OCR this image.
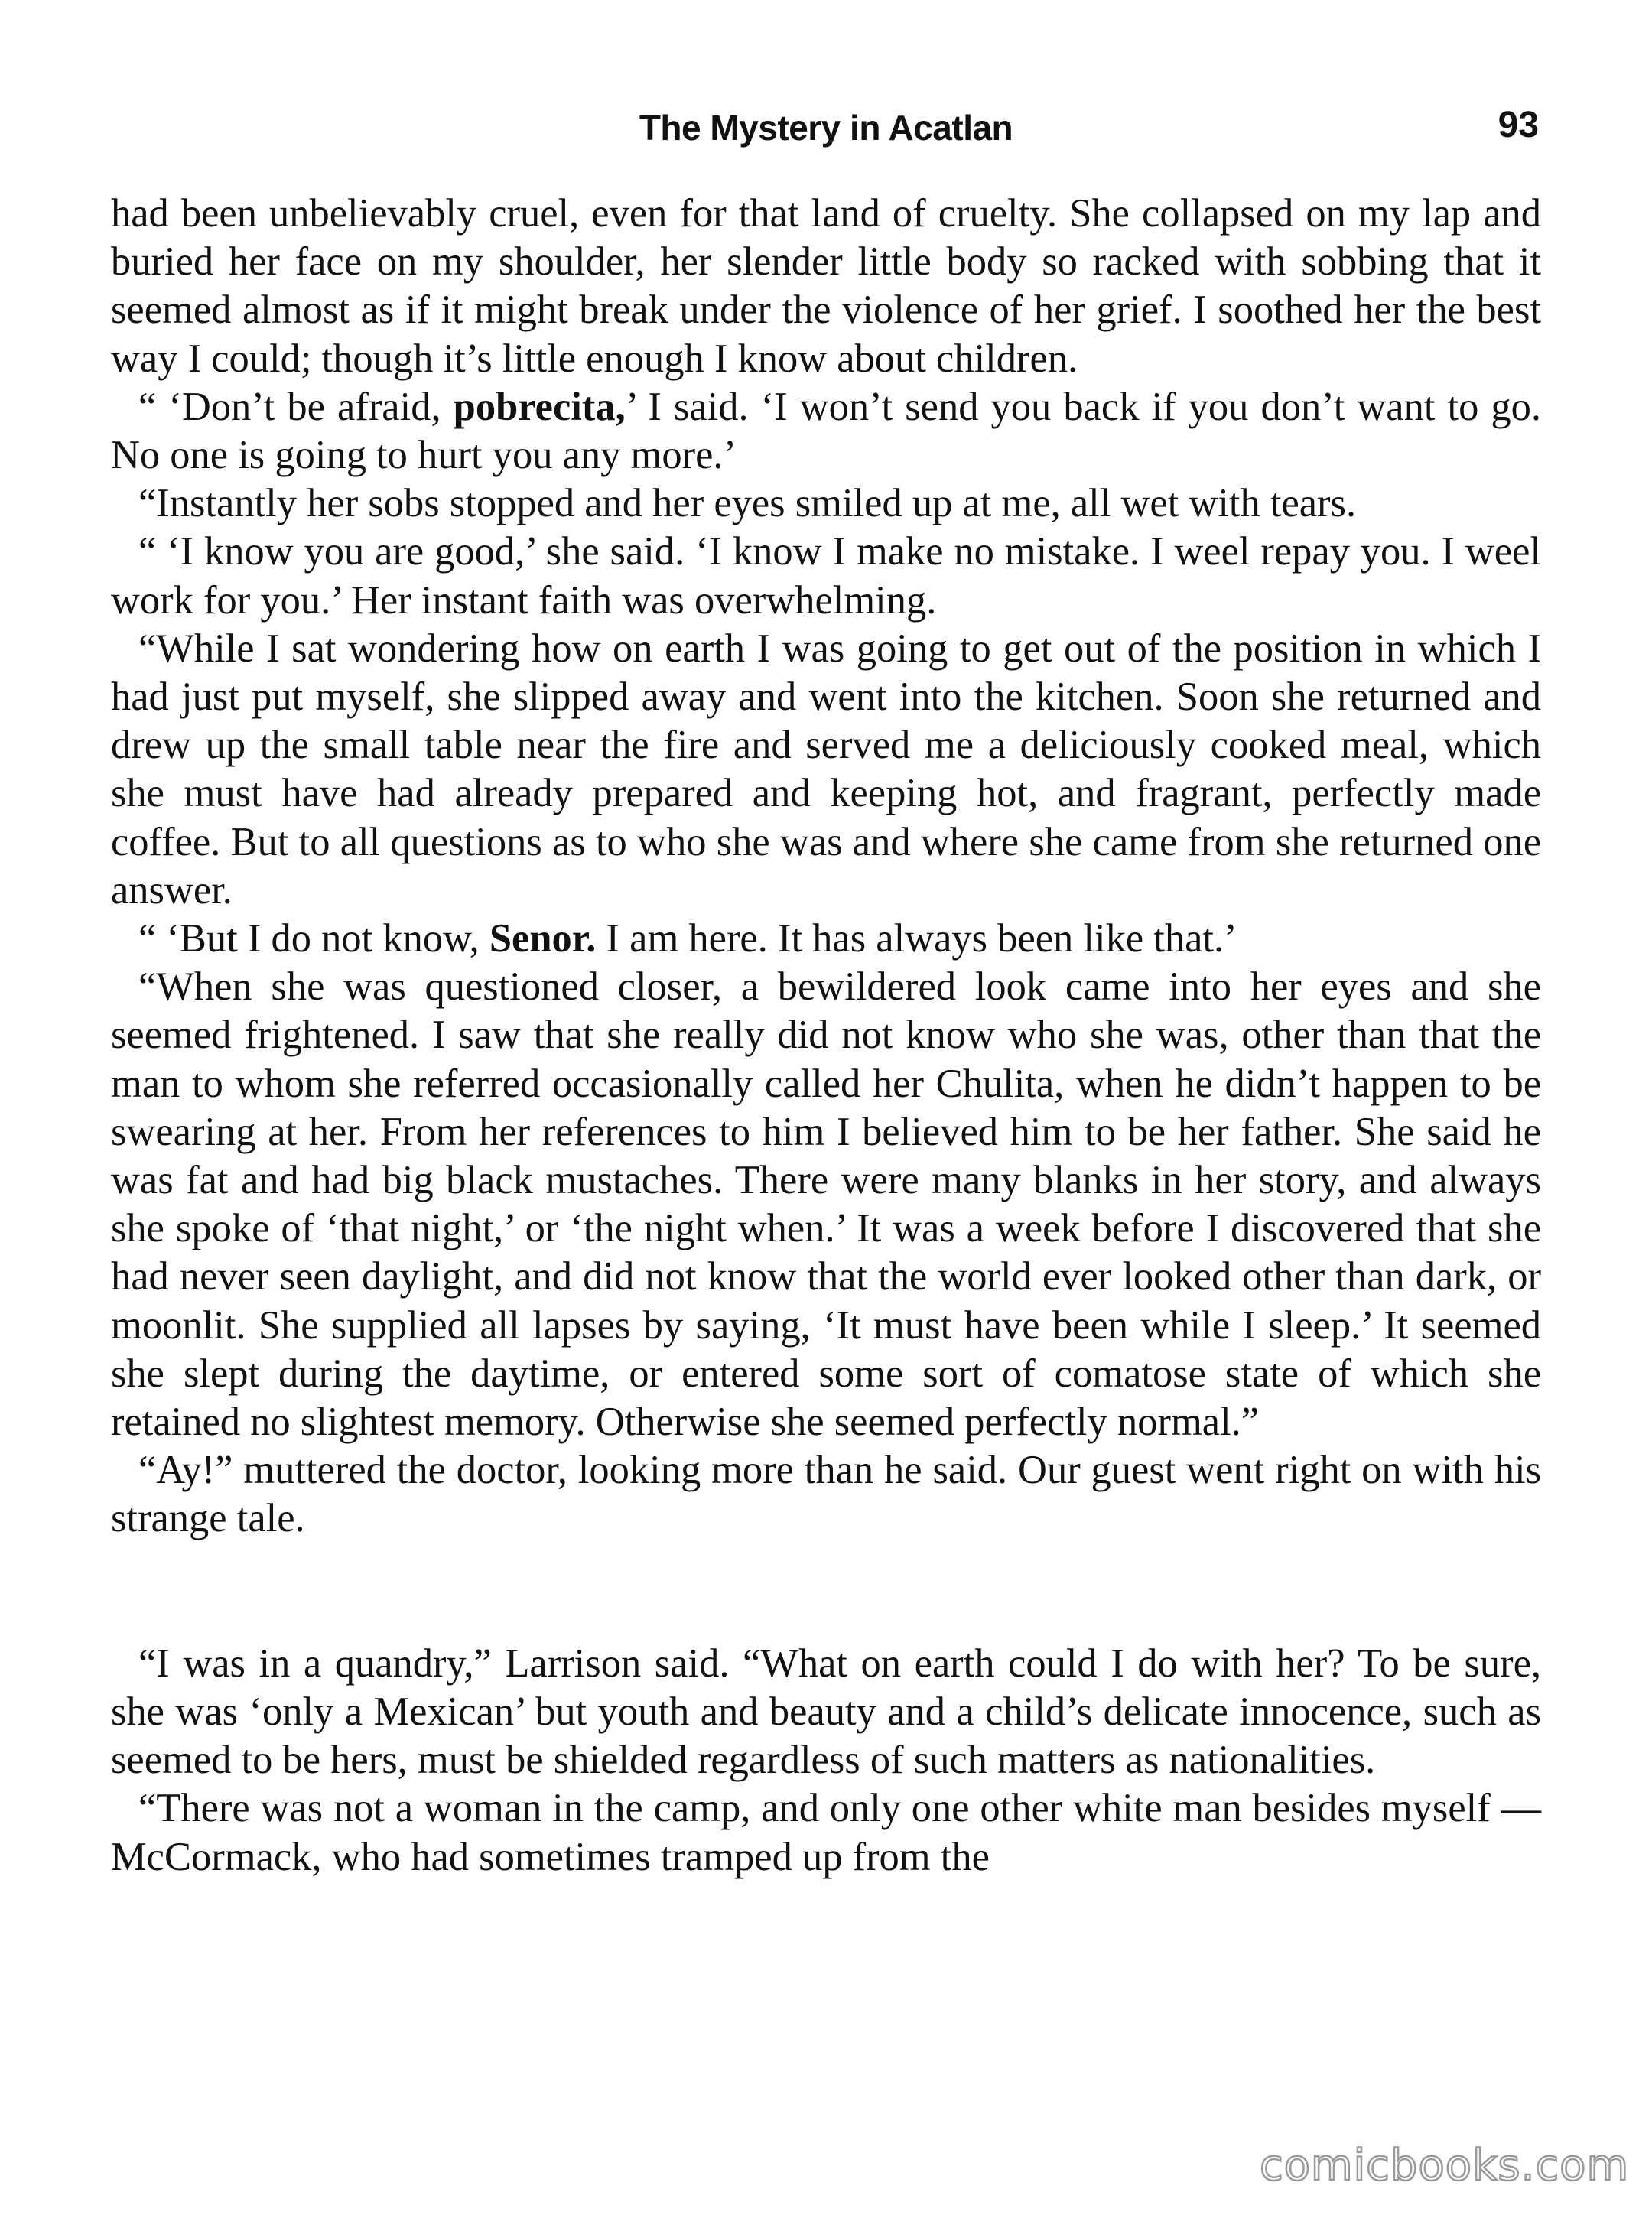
The Mystery in Acatlan	93

had been unbelievably cruel, even for that land of cruelty. She collapsed on my lap and buried her face on my shoulder, her slender little body so racked with sobbing that it seemed almost as if it might break under the violence of her grief. I soothed her the best way I could; though it’s little enough I know about children.

“ ‘Don’t be afraid, pobrecita,’ I said. ‘I won’t send you back if you don’t want to go. No one is going to hurt you any more.’

“Instantly her sobs stopped and her eyes smiled up at me, all wet with tears.

“ ‘I know you are good,’ she said. ‘I know I make no mistake. I weel repay you. I weel work for you.’ Her instant faith was overwhelming.

“While I sat wondering how on earth I was going to get out of the position in which I had just put myself, she slipped away and went into the kitchen. Soon she returned and drew up the small table near the fire and served me a deliciously cooked meal, which she must have had already prepared and keeping hot, and fragrant, perfectly made coffee. But to all questions as to who she was and where she came from she returned one answer.

“ ‘But I do not know, Senor. I am here. It has always been like that.’

“When she was questioned closer, a bewildered look came into her eyes and she seemed frightened. I saw that she really did not know who she was, other than that the man to whom she referred occasionally called her Chulita, when he didn’t happen to be swearing at her. From her references to him I believed him to be her father. She said he was fat and had big black mustaches. There were many blanks in her story, and always she spoke of ‘that night,’ or ‘the night when.’ It was a week before I discovered that she had never seen daylight, and did not know that the world ever looked other than dark, or moonlit. She supplied all lapses by saying, ‘It must have been while I sleep.’ It seemed she slept during the daytime, or entered some sort of comatose state of which she retained no slightest memory. Otherwise she seemed perfectly normal.”

“Ay!” muttered the doctor, looking more than he said. Our guest went right on with his strange tale.

“I was in a quandry,” Larrison said. “What on earth could I do with her? To be sure, she was ‘only a Mexican’ but youth and beauty and a child’s delicate innocence, such as seemed to be hers, must be shielded regardless of such matters as nationalities.

“There was not a woman in the camp, and only one other white man besides myself — McCormack, who had sometimes tramped up from the

comicbooks.com
